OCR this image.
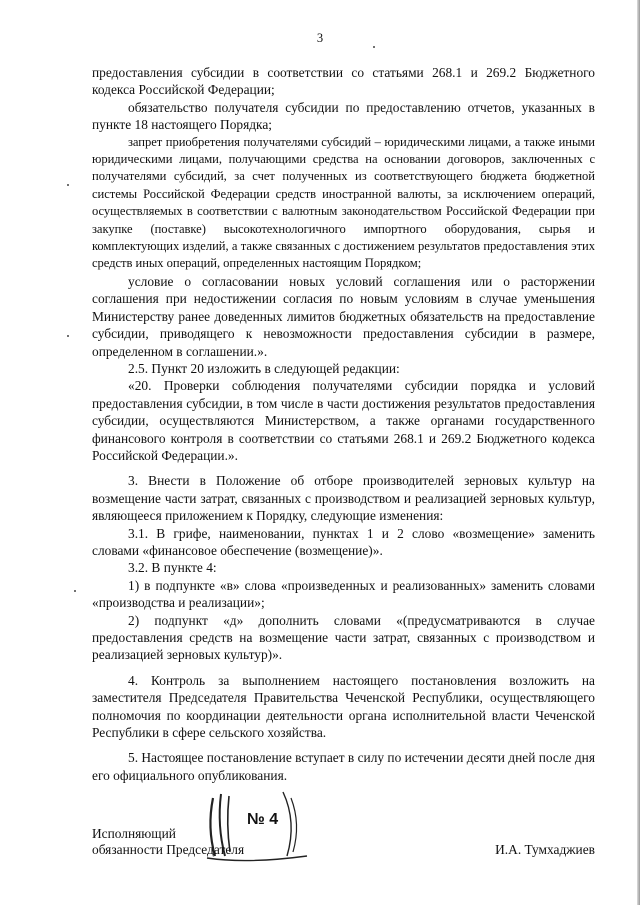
3

предоставления субсидии в соответствии со статьями 268.1 и 269.2 Бюджетного кодекса Российской Федерации;

обязательство получателя субсидии по предоставлению отчетов, указанных в пункте 18 настоящего Порядка;

запрет приобретения получателями субсидий – юридическими лицами, а также иными юридическими лицами, получающими средства на основании договоров, заключенных с получателями субсидий, за счет полученных из соответствующего бюджета бюджетной системы Российской Федерации средств иностранной валюты, за исключением операций, осуществляемых в соответствии с валютным законодательством Российской Федерации при закупке (поставке) высокотехнологичного импортного оборудования, сырья и комплектующих изделий, а также связанных с достижением результатов предоставления этих средств иных операций, определенных настоящим Порядком;

условие о согласовании новых условий соглашения или о расторжении соглашения при недостижении согласия по новым условиям в случае уменьшения Министерству ранее доведенных лимитов бюджетных обязательств на предоставление субсидии, приводящего к невозможности предоставления субсидии в размере, определенном в соглашении.».

2.5. Пункт 20 изложить в следующей редакции:

«20. Проверки соблюдения получателями субсидии порядка и условий предоставления субсидии, в том числе в части достижения результатов предоставления субсидии, осуществляются Министерством, а также органами государственного финансового контроля в соответствии со статьями 268.1 и 269.2 Бюджетного кодекса Российской Федерации.».

3. Внести в Положение об отборе производителей зерновых культур на возмещение части затрат, связанных с производством и реализацией зерновых культур, являющееся приложением к Порядку, следующие изменения:

3.1. В грифе, наименовании, пунктах 1 и 2 слово «возмещение» заменить словами «финансовое обеспечение (возмещение)».

3.2. В пункте 4:

1) в подпункте «в» слова «произведенных и реализованных» заменить словами «производства и реализации»;

2) подпункт «д» дополнить словами «(предусматриваются в случае предоставления средств на возмещение части затрат, связанных с производством и реализацией зерновых культур)».

4. Контроль за выполнением настоящего постановления возложить на заместителя Председателя Правительства Чеченской Республики, осуществляющего полномочия по координации деятельности органа исполнительной власти Чеченской Республики в сфере сельского хозяйства.

5. Настоящее постановление вступает в силу по истечении десяти дней после дня его официального опубликования.

№ 4
Исполняющий
обязанности Председателя	И.А. Тумхаджиев
